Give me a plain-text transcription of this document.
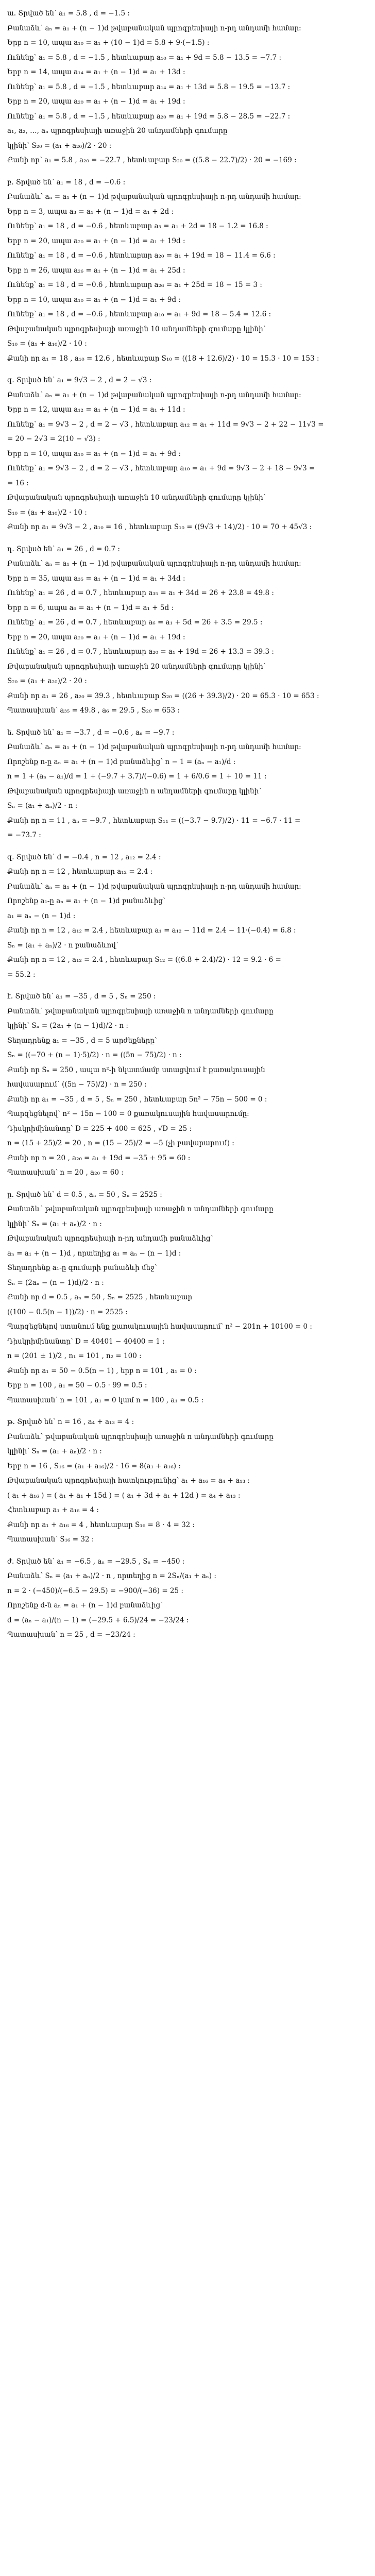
ա. Տրված են՝ a₁ = 5.8 , d = −1.5 ։
Բանաձև՝ aₙ = a₁ + (n − 1)d թվաբանական պրոգրեսիայի n-րդ անդամի համար։
Երբ n = 10, ապա a₁₀ = a₁ + (10 − 1)d = 5.8 + 9·(−1.5) ։
Ունենք՝ a₁ = 5.8 , d = −1.5 , հետևաբար a₁₀ = a₁ + 9d = 5.8 − 13.5 = −7.7 ։
Երբ n = 14, ապա a₁₄ = a₁ + (n − 1)d = a₁ + 13d ։
Ունենք՝ a₁ = 5.8 , d = −1.5 , հետևաբար a₁₄ = a₁ + 13d = 5.8 − 19.5 = −13.7 ։
Երբ n = 20, ապա a₂₀ = a₁ + (n − 1)d = a₁ + 19d ։
Ունենք՝ a₁ = 5.8 , d = −1.5 , հետևաբար a₂₀ = a₁ + 19d = 5.8 − 28.5 = −22.7 ։
a₁, a₂, …, aₙ պրոգրեսիայի առաջին 20 անդամների գումարը
կլինի՝ S₂₀ = (a₁ + a₂₀)/2 · 20 ։
Քանի որ՝ a₁ = 5.8 , a₂₀ = −22.7 , հետևաբար S₂₀ = ((5.8 − 22.7)/2) · 20 = −169 ։
բ. Տրված են՝ a₁ = 18 , d = −0.6 ։
Բանաձև՝ aₙ = a₁ + (n − 1)d թվաբանական պրոգրեսիայի n-րդ անդամի համար։
Երբ n = 3, ապա a₃ = a₁ + (n − 1)d = a₁ + 2d ։
Ունենք՝ a₁ = 18 , d = −0.6 , հետևաբար a₃ = a₁ + 2d = 18 − 1.2 = 16.8 ։
Երբ n = 20, ապա a₂₀ = a₁ + (n − 1)d = a₁ + 19d ։
Ունենք՝ a₁ = 18 , d = −0.6 , հետևաբար a₂₀ = a₁ + 19d = 18 − 11.4 = 6.6 ։
Երբ n = 26, ապա a₂₆ = a₁ + (n − 1)d = a₁ + 25d ։
Ունենք՝ a₁ = 18 , d = −0.6 , հետևաբար a₂₆ = a₁ + 25d = 18 − 15 = 3 ։
Երբ n = 10, ապա a₁₀ = a₁ + (n − 1)d = a₁ + 9d ։
Ունենք՝ a₁ = 18 , d = −0.6 , հետևաբար a₁₀ = a₁ + 9d = 18 − 5.4 = 12.6 ։
Թվաբանական պրոգրեսիայի առաջին 10 անդամների գումարը կլինի՝
S₁₀ = (a₁ + a₁₀)/2 · 10 ։
Քանի որ a₁ = 18 , a₁₀ = 12.6 , հետևաբար S₁₀ = ((18 + 12.6)/2) · 10 = 15.3 · 10 = 153 ։
գ. Տրված են՝ a₁ = 9√3 − 2 , d = 2 − √3 ։
Բանաձև՝ aₙ = a₁ + (n − 1)d թվաբանական պրոգրեսիայի n-րդ անդամի համար։
Երբ n = 12, ապա a₁₂ = a₁ + (n − 1)d = a₁ + 11d ։
Ունենք՝ a₁ = 9√3 − 2 , d = 2 − √3 , հետևաբար a₁₂ = a₁ + 11d = 9√3 − 2 + 22 − 11√3 =
= 20 − 2√3 = 2(10 − √3) ։
Երբ n = 10, ապա a₁₀ = a₁ + (n − 1)d = a₁ + 9d ։
Ունենք՝ a₁ = 9√3 − 2 , d = 2 − √3 , հետևաբար a₁₀ = a₁ + 9d = 9√3 − 2 + 18 − 9√3 =
= 16 ։
Թվաբանական պրոգրեսիայի առաջին 10 անդամների գումարը կլինի՝
S₁₀ = (a₁ + a₁₀)/2 · 10 ։
Քանի որ a₁ = 9√3 − 2 , a₁₀ = 16 , հետևաբար S₁₀ = ((9√3 + 14)/2) · 10 = 70 + 45√3 ։
դ. Տրված են՝ a₁ = 26 , d = 0.7 ։
Բանաձև՝ aₙ = a₁ + (n − 1)d թվաբանական պրոգրեսիայի n-րդ անդամի համար։
Երբ n = 35, ապա a₃₅ = a₁ + (n − 1)d = a₁ + 34d ։
Ունենք՝ a₁ = 26 , d = 0.7 , հետևաբար a₃₅ = a₁ + 34d = 26 + 23.8 = 49.8 ։
Երբ n = 6, ապա a₆ = a₁ + (n − 1)d = a₁ + 5d ։
Ունենք՝ a₁ = 26 , d = 0.7 , հետևաբար a₆ = a₁ + 5d = 26 + 3.5 = 29.5 ։
Երբ n = 20, ապա a₂₀ = a₁ + (n − 1)d = a₁ + 19d ։
Ունենք՝ a₁ = 26 , d = 0.7 , հետևաբար a₂₀ = a₁ + 19d = 26 + 13.3 = 39.3 ։
Թվաբանական պրոգրեսիայի առաջին 20 անդամների գումարը կլինի՝
S₂₀ = (a₁ + a₂₀)/2 · 20 ։
Քանի որ a₁ = 26 , a₂₀ = 39.3 , հետևաբար S₂₀ = ((26 + 39.3)/2) · 20 = 65.3 · 10 = 653 ։
Պատասխան՝ a₃₅ = 49.8 , a₆ = 29.5 , S₂₀ = 653 ։
ե. Տրված են՝ a₁ = −3.7 , d = −0.6 , aₙ = −9.7 ։
Բանաձև՝ aₙ = a₁ + (n − 1)d թվաբանական պրոգրեսիայի n-րդ անդամի համար։
Որոշենք n-ը aₙ = a₁ + (n − 1)d բանաձևից՝ n − 1 = (aₙ − a₁)/d ։
n = 1 + (aₙ − a₁)/d = 1 + (−9.7 + 3.7)/(−0.6) = 1 + 6/0.6 = 1 + 10 = 11 ։
Թվաբանական պրոգրեսիայի առաջին n անդամների գումարը կլինի՝
Sₙ = (a₁ + aₙ)/2 · n ։
Քանի որ n = 11 , aₙ = −9.7 , հետևաբար S₁₁ = ((−3.7 − 9.7)/2) · 11 = −6.7 · 11 =
= −73.7 ։
զ. Տրված են՝ d = −0.4 , n = 12 , a₁₂ = 2.4 ։
Քանի որ n = 12 , հետևաբար a₁₂ = 2.4 ։
Բանաձև՝ aₙ = a₁ + (n − 1)d թվաբանական պրոգրեսիայի n-րդ անդամի համար։
Որոշենք a₁-ը aₙ = a₁ + (n − 1)d բանաձևից՝
a₁ = aₙ − (n − 1)d ։
Քանի որ n = 12 , a₁₂ = 2.4 , հետևաբար a₁ = a₁₂ − 11d = 2.4 − 11·(−0.4) = 6.8 ։
Sₙ = (a₁ + aₙ)/2 · n բանաձևով՝
Քանի որ n = 12 , a₁₂ = 2.4 , հետևաբար S₁₂ = ((6.8 + 2.4)/2) · 12 = 9.2 · 6 =
= 55.2 ։
է. Տրված են՝ a₁ = −35 , d = 5 , Sₙ = 250 ։
Բանաձև՝ թվաբանական պրոգրեսիայի առաջին n անդամների գումարը
կլինի՝ Sₙ = (2a₁ + (n − 1)d)/2 · n ։
Տեղադրենք a₁ = −35 , d = 5 արժեքները՝
Sₙ = ((−70 + (n − 1)·5)/2) · n = ((5n − 75)/2) · n ։
Քանի որ Sₙ = 250 , ապա n²-ի նկատմամբ ստացվում է քառակուսային
հավասարում՝ ((5n − 75)/2) · n = 250 ։
Քանի որ a₁ = −35 , d = 5 , Sₙ = 250 , հետևաբար 5n² − 75n − 500 = 0 ։
Պարզեցնելով՝ n² − 15n − 100 = 0 քառակուսային հավասարումը։
Դիսկրիմինանտը՝ D = 225 + 400 = 625 , √D = 25 ։
n = (15 + 25)/2 = 20 , n = (15 − 25)/2 = −5 (չի բավարարում) ։
Քանի որ n = 20 , a₂₀ = a₁ + 19d = −35 + 95 = 60 ։
Պատասխան՝ n = 20 , a₂₀ = 60 ։
ը. Տրված են՝ d = 0.5 , aₙ = 50 , Sₙ = 2525 ։
Բանաձև՝ թվաբանական պրոգրեսիայի առաջին n անդամների գումարը
կլինի՝ Sₙ = (a₁ + aₙ)/2 · n ։
Թվաբանական պրոգրեսիայի n-րդ անդամի բանաձևից՝
aₙ = a₁ + (n − 1)d , որտեղից a₁ = aₙ − (n − 1)d ։
Տեղադրենք a₁-ը գումարի բանաձևի մեջ՝
Sₙ = (2aₙ − (n − 1)d)/2 · n ։
Քանի որ d = 0.5 , aₙ = 50 , Sₙ = 2525 , հետևաբար
((100 − 0.5(n − 1))/2) · n = 2525 ։
Պարզեցնելով ստանում ենք քառակուսային հավասարում՝ n² − 201n + 10100 = 0 ։
Դիսկրիմինանտը՝ D = 40401 − 40400 = 1 ։
n = (201 ± 1)/2 , n₁ = 101 , n₂ = 100 ։
Քանի որ a₁ = 50 − 0.5(n − 1) , երբ n = 101 , a₁ = 0 ։
Երբ n = 100 , a₁ = 50 − 0.5 · 99 = 0.5 ։
Պատասխան՝ n = 101 , a₁ = 0 կամ n = 100 , a₁ = 0.5 ։
թ. Տրված են՝ n = 16 , a₄ + a₁₃ = 4 ։
Բանաձև՝ թվաբանական պրոգրեսիայի առաջին n անդամների գումարը
կլինի՝ Sₙ = (a₁ + aₙ)/2 · n ։
Երբ n = 16 , S₁₆ = (a₁ + a₁₆)/2 · 16 = 8(a₁ + a₁₆) ։
Թվաբանական պրոգրեսիայի հատկությունից՝ a₁ + a₁₆ = a₄ + a₁₃ ։
( a₁ + a₁₆ ) = ( a₁ + a₁ + 15d ) = ( a₁ + 3d + a₁ + 12d ) = a₄ + a₁₃ ։
Հետևաբար a₁ + a₁₆ = 4 ։
Քանի որ a₁ + a₁₆ = 4 , հետևաբար S₁₆ = 8 · 4 = 32 ։
Պատասխան՝ S₁₆ = 32 ։
ժ. Տրված են՝ a₁ = −6.5 , aₙ = −29.5 , Sₙ = −450 ։
Բանաձև՝ Sₙ = (a₁ + aₙ)/2 · n , որտեղից n = 2Sₙ/(a₁ + aₙ) ։
n = 2 · (−450)/(−6.5 − 29.5) = −900/(−36) = 25 ։
Որոշենք d-ն aₙ = a₁ + (n − 1)d բանաձևից՝
d = (aₙ − a₁)/(n − 1) = (−29.5 + 6.5)/24 = −23/24 ։
Պատասխան՝ n = 25 , d = −23/24 ։
